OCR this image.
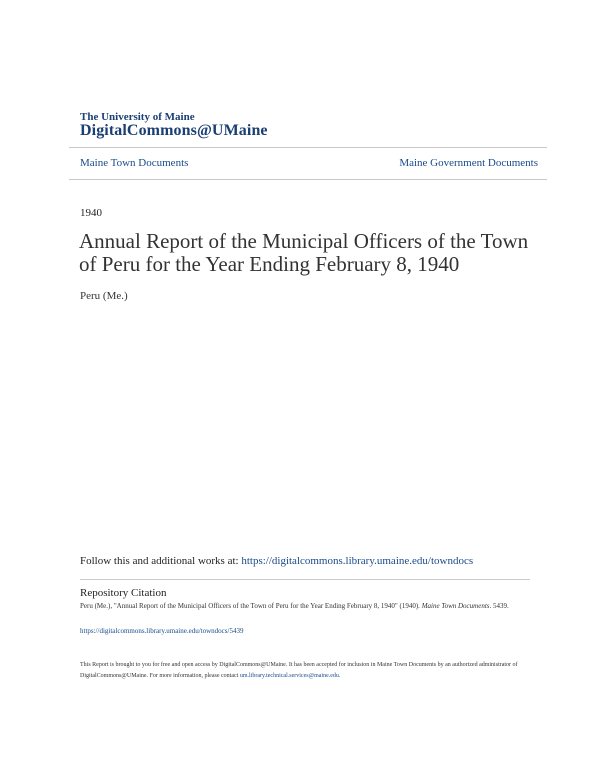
The University of Maine
DigitalCommons@UMaine
Maine Town Documents	Maine Government Documents
1940
Annual Report of the Municipal Officers of the Town of Peru for the Year Ending February 8, 1940
Peru (Me.)
Follow this and additional works at: https://digitalcommons.library.umaine.edu/towndocs
Repository Citation
Peru (Me.), "Annual Report of the Municipal Officers of the Town of Peru for the Year Ending February 8, 1940" (1940). Maine Town Documents. 5439.
https://digitalcommons.library.umaine.edu/towndocs/5439
This Report is brought to you for free and open access by DigitalCommons@UMaine. It has been accepted for inclusion in Maine Town Documents by an authorized administrator of DigitalCommons@UMaine. For more information, please contact um.library.technical.services@maine.edu.
